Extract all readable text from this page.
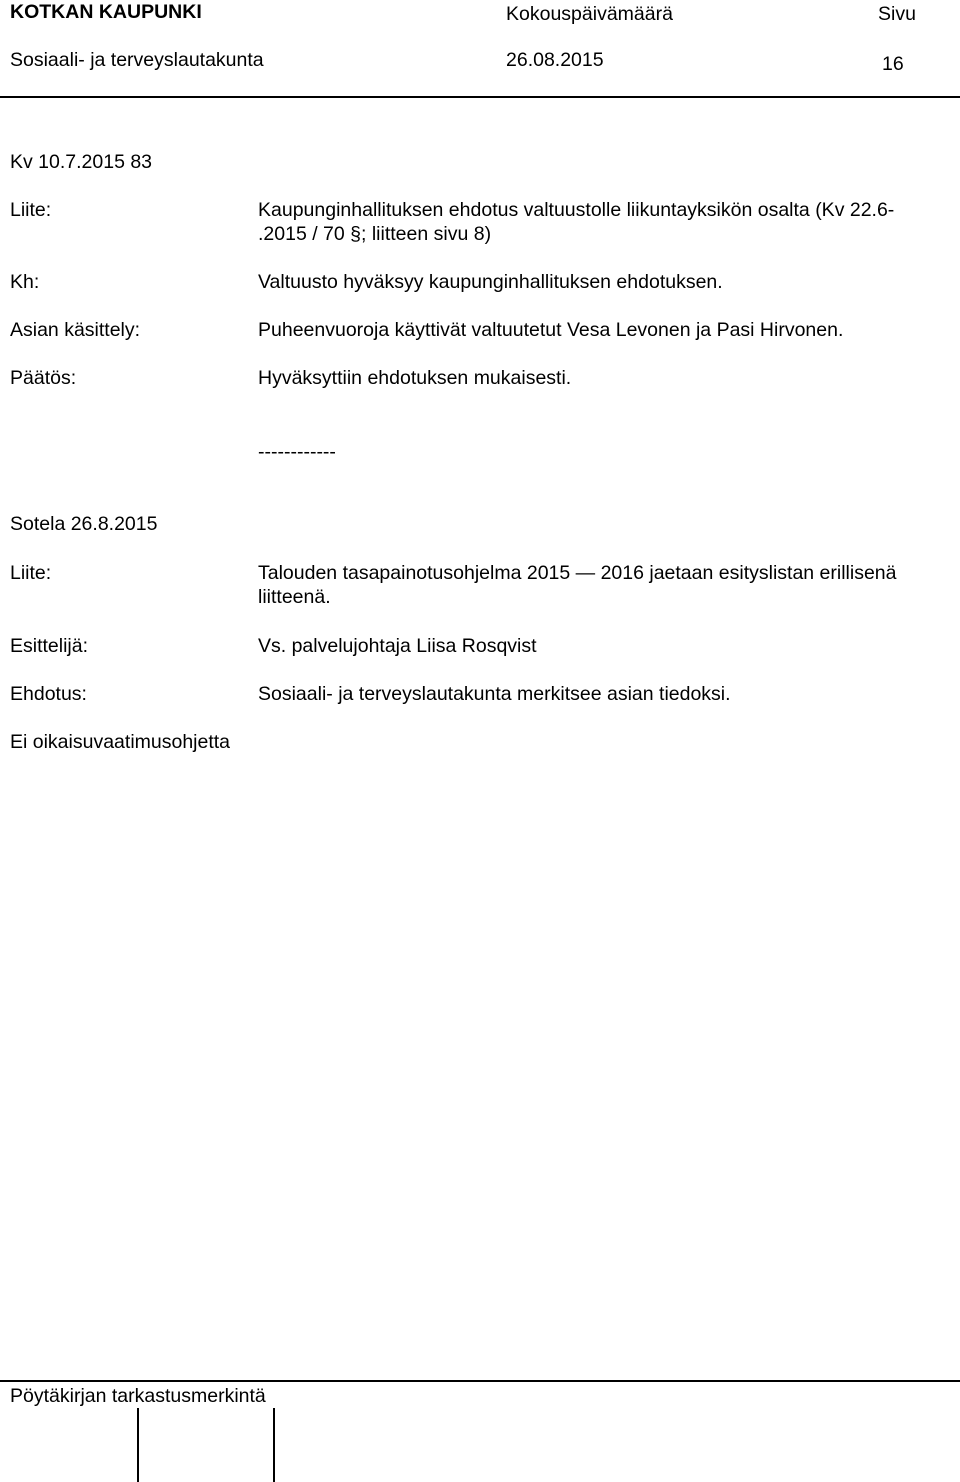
KOTKAN KAUPUNKI	Kokouspäivämäärä	Sivu
Sosiaali- ja terveyslautakunta	26.08.2015	16
Kv 10.7.2015 83
Liite:	Kaupunginhallituksen ehdotus valtuustolle liikuntayksikön osalta (Kv 22.6-
.2015 / 70 §; liitteen sivu 8)
Kh:	Valtuusto hyväksyy kaupunginhallituksen ehdotuksen.
Asian käsittely:	Puheenvuoroja käyttivät valtuutetut Vesa Levonen ja Pasi Hirvonen.
Päätös:	Hyväksyttiin ehdotuksen mukaisesti.
------------
Sotela 26.8.2015
Liite:	Talouden tasapainotusohjelma 2015 — 2016 jaetaan esityslistan erillisenä
liitteenä.
Esittelijä:	Vs. palvelujohtaja Liisa Rosqvist
Ehdotus:	Sosiaali- ja terveyslautakunta merkitsee asian tiedoksi.
Ei oikaisuvaatimusohjetta
Pöytäkirjan tarkastusmerkintä
